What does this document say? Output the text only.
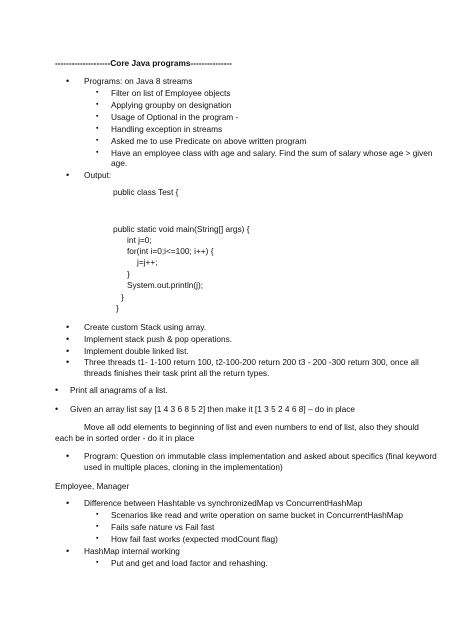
--------------------Core Java programs---------------
• Programs: on Java 8 streams
▪ Filter on list of Employee objects
▪ Applying groupby on designation
▪ Usage of Optional in the program -
▪ Handling exception in streams
▪ Asked me to use Predicate on above written program
▪ Have an employee class with age and salary. Find the sum of salary whose age > given
age.
• Output:
public class Test {
public static void main(String[] args) {
int j=0;
for(int i=0;i<=100; i++) {
j=j++;
}
System.out.println(j);
}
}
• Create custom Stack using array.
• Implement stack push & pop operations.
• Implement double linked list.
• Three threads t1- 1-100 return 100, t2-100-200 return 200 t3 - 200 -300 return 300, once all
threads finishes their task print all the return types.
• Print all anagrams of a list.
• Given an array list say [1 4 3 6 8 5 2] then make it [1 3 5 2 4 6 8] – do in place
Move all odd elements to beginning of list and even numbers to end of list, also they should
each be in sorted order - do it in place
• Program: Question on immutable class implementation and asked about specifics (final keyword
used in multiple places, cloning in the implementation)
Employee, Manager
• Difference between Hashtable vs synchronizedMap vs ConcurrentHashMap
▪ Scenarios like read and write operation on same bucket in ConcurrentHashMap
▪ Fails safe nature vs Fail fast
▪ How fail fast works (expected modCount flag)
• HashMap internal working
▪ Put and get and load factor and rehashing.
